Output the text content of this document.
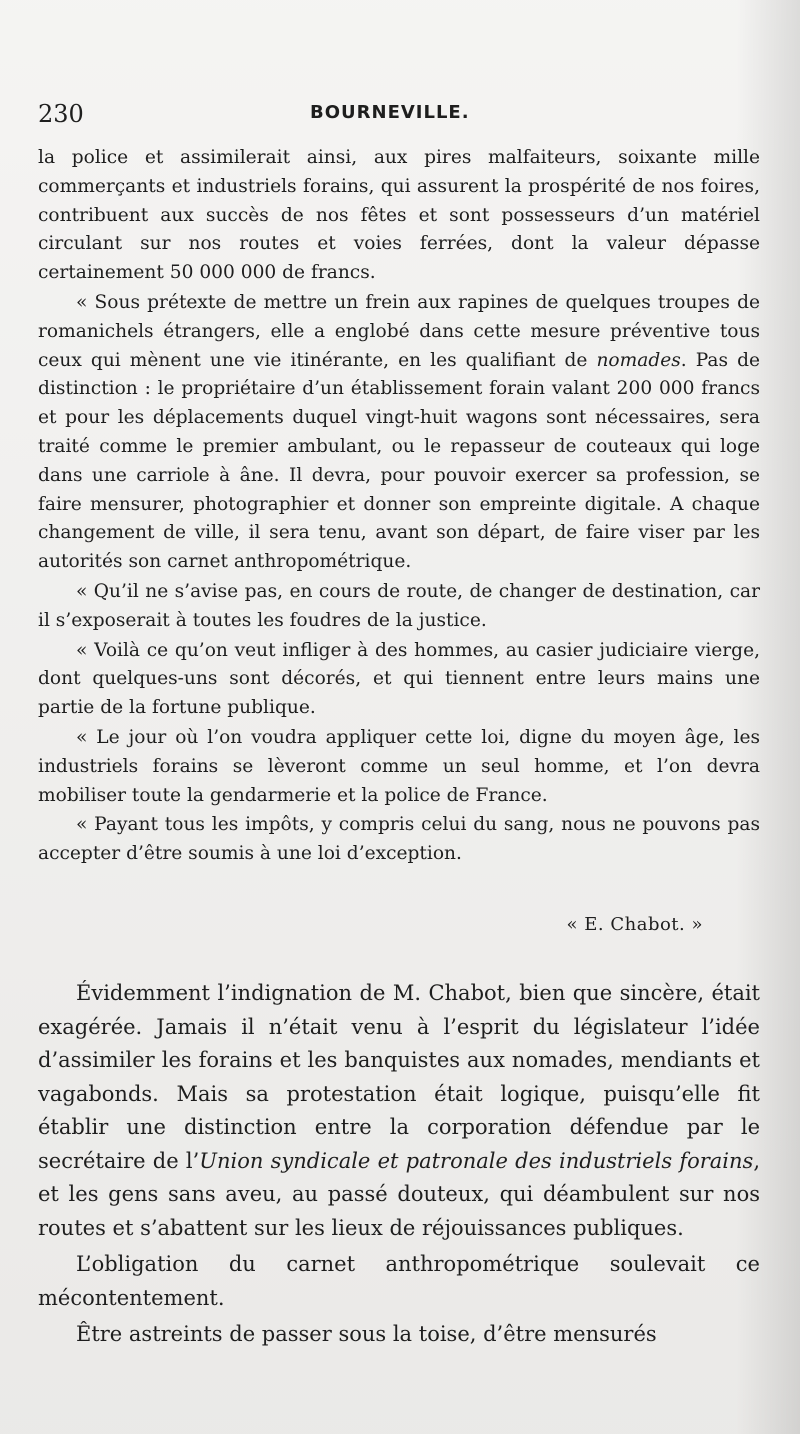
230	BOURNEVILLE.

la police et assimilerait ainsi, aux pires malfaiteurs, soixante mille commerçants et industriels forains, qui assurent la prospérité de nos foires, contribuent aux succès de nos fêtes et sont possesseurs d’un matériel circulant sur nos routes et voies ferrées, dont la valeur dépasse certainement 50 000 000 de francs.

« Sous prétexte de mettre un frein aux rapines de quelques troupes de romanichels étrangers, elle a englobé dans cette mesure préventive tous ceux qui mènent une vie itinérante, en les qualifiant de nomades. Pas de distinction : le propriétaire d’un établissement forain valant 200 000 francs et pour les déplacements duquel vingt-huit wagons sont nécessaires, sera traité comme le premier ambulant, ou le repasseur de couteaux qui loge dans une carriole à âne. Il devra, pour pouvoir exercer sa profession, se faire mensurer, photographier et donner son empreinte digitale. A chaque changement de ville, il sera tenu, avant son départ, de faire viser par les autorités son carnet anthropométrique.

« Qu’il ne s’avise pas, en cours de route, de changer de destination, car il s’exposerait à toutes les foudres de la justice.

« Voilà ce qu’on veut infliger à des hommes, au casier judiciaire vierge, dont quelques-uns sont décorés, et qui tiennent entre leurs mains une partie de la fortune publique.

« Le jour où l’on voudra appliquer cette loi, digne du moyen âge, les industriels forains se lèveront comme un seul homme, et l’on devra mobiliser toute la gendarmerie et la police de France.

« Payant tous les impôts, y compris celui du sang, nous ne pouvons pas accepter d’être soumis à une loi d’exception.

« E. Chabot. »

Évidemment l’indignation de M. Chabot, bien que sincère, était exagérée. Jamais il n’était venu à l’esprit du législateur l’idée d’assimiler les forains et les banquistes aux nomades, mendiants et vagabonds. Mais sa protestation était logique, puisqu’elle fit établir une distinction entre la corporation défendue par le secrétaire de l’Union syndicale et patronale des industriels forains, et les gens sans aveu, au passé douteux, qui déambulent sur nos routes et s’abattent sur les lieux de réjouissances publiques.

L’obligation du carnet anthropométrique soulevait ce mécontentement.

Être astreints de passer sous la toise, d’être mensurés
